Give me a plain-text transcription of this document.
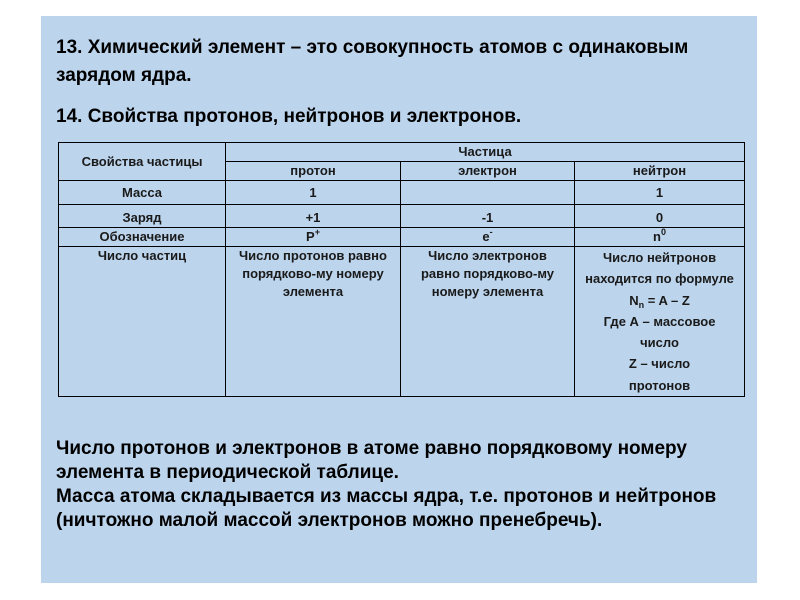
13. Химический элемент – это совокупность атомов с одинаковым зарядом ядра.

14. Свойства протонов, нейтронов и электронов.

Свойства частицы	Частица		
	протон	электрон	нейтрон
Масса	1		1
Заряд	+1	-1	0
Обозначение	P+	e-	$n^0$
Число частиц	Число протонов равно порядково-му номеру элемента	Число электронов равно порядково-му номеру элемента	Число нейтронов находится по формуле
$N_n = A - Z$
Где А – массовое число
Z – число протонов
Число протонов и электронов в атоме равно порядковому номеру элемента в периодической таблице.
Масса атома складывается из массы ядра, т.е. протонов и нейтронов (ничтожно малой массой электронов можно пренебречь).
